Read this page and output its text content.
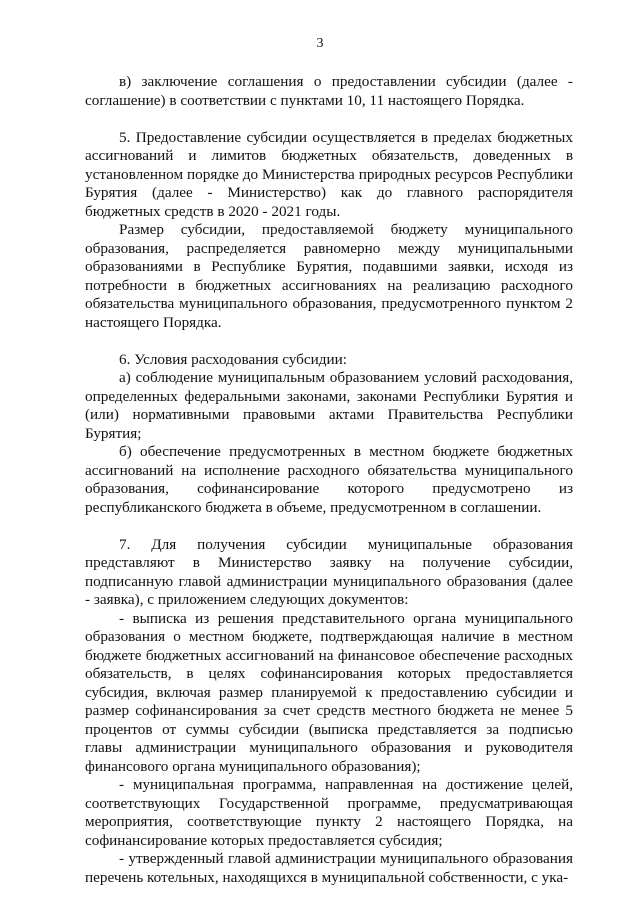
3

в) заключение соглашения о предоставлении субсидии (далее - соглашение) в соответствии с пунктами 10, 11 настоящего Порядка.

5. Предоставление субсидии осуществляется в пределах бюджетных ассигнований и лимитов бюджетных обязательств, доведенных в установленном порядке до Министерства природных ресурсов Республики Бурятия (далее - Министерство) как до главного распорядителя бюджетных средств в 2020 - 2021 годы.

Размер субсидии, предоставляемой бюджету муниципального образования, распределяется равномерно между муниципальными образованиями в Республике Бурятия, подавшими заявки, исходя из потребности в бюджетных ассигнованиях на реализацию расходного обязательства муниципального образования, предусмотренного пунктом 2 настоящего Порядка.

6. Условия расходования субсидии:

а) соблюдение муниципальным образованием условий расходования, определенных федеральными законами, законами Республики Бурятия и (или) нормативными правовыми актами Правительства Республики Бурятия;

б) обеспечение предусмотренных в местном бюджете бюджетных ассигнований на исполнение расходного обязательства муниципального образования, софинансирование которого предусмотрено из республиканского бюджета в объеме, предусмотренном в соглашении.

7. Для получения субсидии муниципальные образования представляют в Министерство заявку на получение субсидии, подписанную главой администрации муниципального образования (далее - заявка), с приложением следующих документов:

- выписка из решения представительного органа муниципального образования о местном бюджете, подтверждающая наличие в местном бюджете бюджетных ассигнований на финансовое обеспечение расходных обязательств, в целях софинансирования которых предоставляется субсидия, включая размер планируемой к предоставлению субсидии и размер софинансирования за счет средств местного бюджета не менее 5 процентов от суммы субсидии (выписка представляется за подписью главы администрации муниципального образования и руководителя финансового органа муниципального образования);

- муниципальная программа, направленная на достижение целей, соответствующих Государственной программе, предусматривающая мероприятия, соответствующие пункту 2 настоящего Порядка, на софинансирование которых предоставляется субсидия;

- утвержденный главой администрации муниципального образования перечень котельных, находящихся в муниципальной собственности, с ука-
